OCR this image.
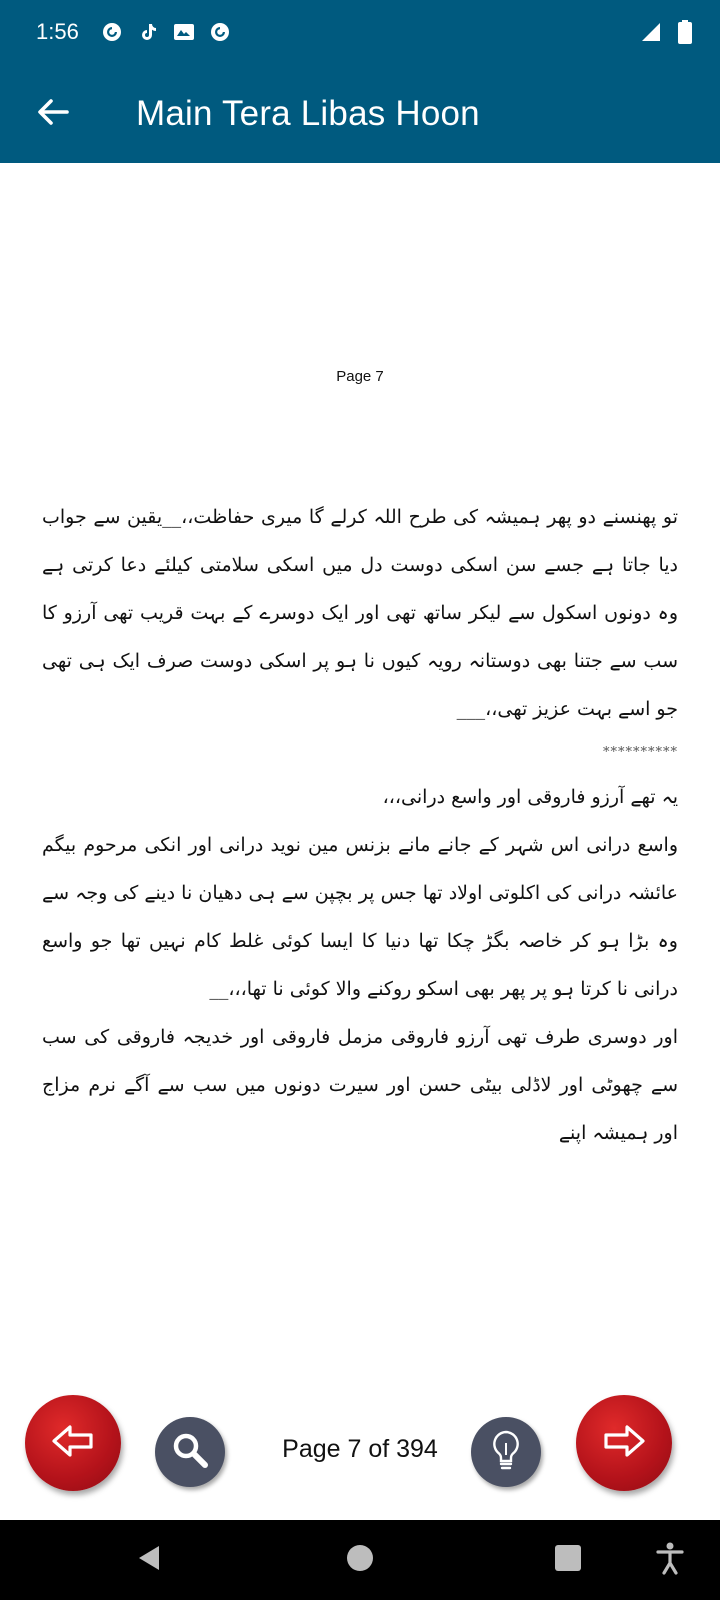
1:56
Main Tera Libas Hoon
Page 7

تو پھنسنے دو پھر ہمیشہ کی طرح اللہ کرلے گا میری حفاظت،،__یقین سے جواب دیا جاتا ہے جسے سن اسکی دوست دل میں اسکی سلامتی کیلئے دعا کرتی ہے وہ دونوں اسکول سے لیکر ساتھ تھی اور ایک دوسرے کے بہت قریب تھی آرزو کا سب سے جتنا بھی دوستانہ رویہ کیوں نا ہو پر اسکی دوست صرف ایک ہی تھی جو اسے بہت عزیز تھی،،___

**********

یہ تھے آرزو فاروقی اور واسع درانی،،،

واسع درانی اس شہر کے جانے مانے بزنس مین نوید درانی اور انکی مرحوم بیگم عائشہ درانی کی اکلوتی اولاد تھا جس پر بچپن سے ہی دھیان نا دینے کی وجہ سے وہ بڑا ہو کر خاصہ بگڑ چکا تھا دنیا کا ایسا کوئی غلط کام نہیں تھا جو واسع درانی نا کرتا ہو پر پھر بھی اسکو روکنے والا کوئی نا تھا،،،__

اور دوسری طرف تھی آرزو فاروقی مزمل فاروقی اور خدیجہ فاروقی کی سب سے چھوٹی اور لاڈلی بیٹی حسن اور سیرت دونوں میں سب سے آگے نرم مزاج اور ہمیشہ اپنے

Page 7 of 394
